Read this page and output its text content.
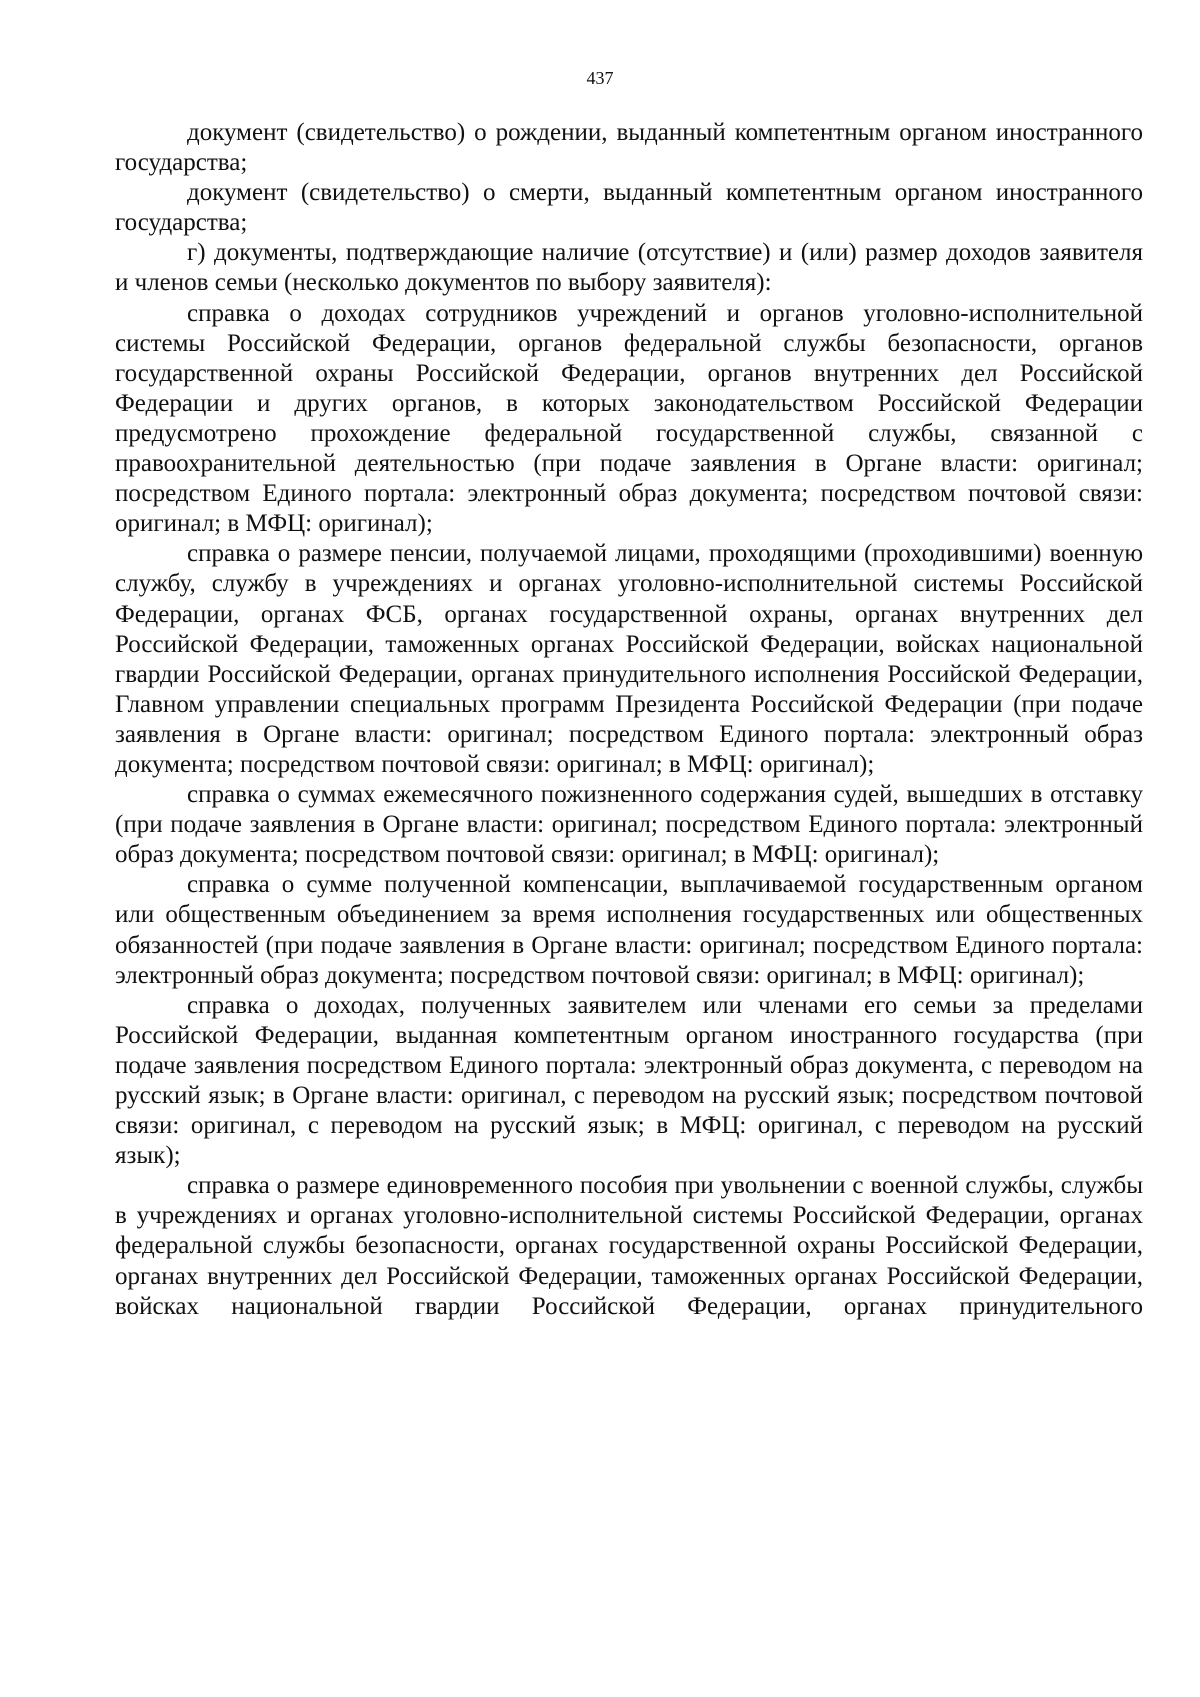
437

документ (свидетельство) о рождении, выданный компетентным органом иностранного государства;

документ (свидетельство) о смерти, выданный компетентным органом иностранного государства;

г) документы, подтверждающие наличие (отсутствие) и (или) размер доходов заявителя и членов семьи (несколько документов по выбору заявителя):

справка о доходах сотрудников учреждений и органов уголовно-исполнительной системы Российской Федерации, органов федеральной службы безопасности, органов государственной охраны Российской Федерации, органов внутренних дел Российской Федерации и других органов, в которых законодательством Российской Федерации предусмотрено прохождение федеральной государственной службы, связанной с правоохранительной деятельностью (при подаче заявления в Органе власти: оригинал; посредством Единого портала: электронный образ документа; посредством почтовой связи: оригинал; в МФЦ: оригинал);

справка о размере пенсии, получаемой лицами, проходящими (проходившими) военную службу, службу в учреждениях и органах уголовно-исполнительной системы Российской Федерации, органах ФСБ, органах государственной охраны, органах внутренних дел Российской Федерации, таможенных органах Российской Федерации, войсках национальной гвардии Российской Федерации, органах принудительного исполнения Российской Федерации, Главном управлении специальных программ Президента Российской Федерации (при подаче заявления в Органе власти: оригинал; посредством Единого портала: электронный образ документа; посредством почтовой связи: оригинал; в МФЦ: оригинал);

справка о суммах ежемесячного пожизненного содержания судей, вышедших в отставку (при подаче заявления в Органе власти: оригинал; посредством Единого портала: электронный образ документа; посредством почтовой связи: оригинал; в МФЦ: оригинал);

справка о сумме полученной компенсации, выплачиваемой государственным органом или общественным объединением за время исполнения государственных или общественных обязанностей (при подаче заявления в Органе власти: оригинал; посредством Единого портала: электронный образ документа; посредством почтовой связи: оригинал; в МФЦ: оригинал);

справка о доходах, полученных заявителем или членами его семьи за пределами Российской Федерации, выданная компетентным органом иностранного государства (при подаче заявления посредством Единого портала: электронный образ документа, с переводом на русский язык; в Органе власти: оригинал, с переводом на русский язык; посредством почтовой связи: оригинал, с переводом на русский язык; в МФЦ: оригинал, с переводом на русский язык);

справка о размере единовременного пособия при увольнении с военной службы, службы в учреждениях и органах уголовно-исполнительной системы Российской Федерации, органах федеральной службы безопасности, органах государственной охраны Российской Федерации, органах внутренних дел Российской Федерации, таможенных органах Российской Федерации, войсках национальной гвардии Российской Федерации, органах принудительного
